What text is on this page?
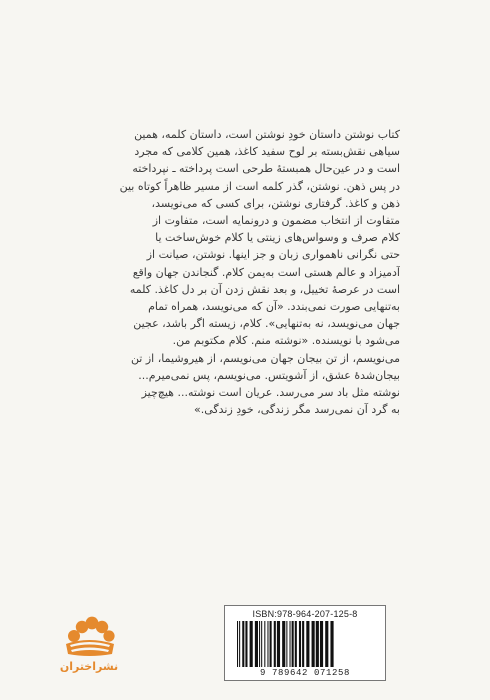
کتاب نوشتن داستان خودِ نوشتن است، داستان کلمه، همین
سیاهی نقش‌بسته بر لوح سفید کاغذ، همین کلامی که مجرد
است و در عین‌حال همبستهٔ طرحی است پرداخته ـ نپرداخته
در پس ذهن. نوشتن، گذر کلمه است از مسیر ظاهراً کوتاه بین
ذهن و کاغذ. گرفتاری نوشتن، برای کسی که می‌نویسد،
متفاوت از انتخاب مضمون و درونمایه است، متفاوت از
کلام صرف و وسواس‌های زینتی یا کلام خوش‌ساخت یا
حتی نگرانی ناهمواری زبان و جز اینها. نوشتن، صیانت از
آدمیزاد و عالم هستی است به‌یمن کلام. گنجاندن جهان واقع
است در عرصهٔ تخییل، و بعد نقش زدن آن بر دل کاغذ. کلمه
به‌تنهایی صورت نمی‌بندد. «آن که می‌نویسد، همراه تمام
جهان می‌نویسد، نه به‌تنهایی». کلام، زیسته اگر باشد، عجین
می‌شود با نویسنده. «نوشته منم. کلام مکتوبم من.
می‌نویسم، از تن بیجان جهان می‌نویسم، از هیروشیما، از تن
بیجان‌شدهٔ عشق، از آشویتس. می‌نویسم، پس نمی‌میرم...
نوشته مثل باد سر می‌رسد. عریان است نوشته... هیچ‌چیز
به گرد آن نمی‌رسد مگر زندگی، خودِ زندگی.»
نشراختران
ISBN:978-964-207-125-8
9 789642 071258
